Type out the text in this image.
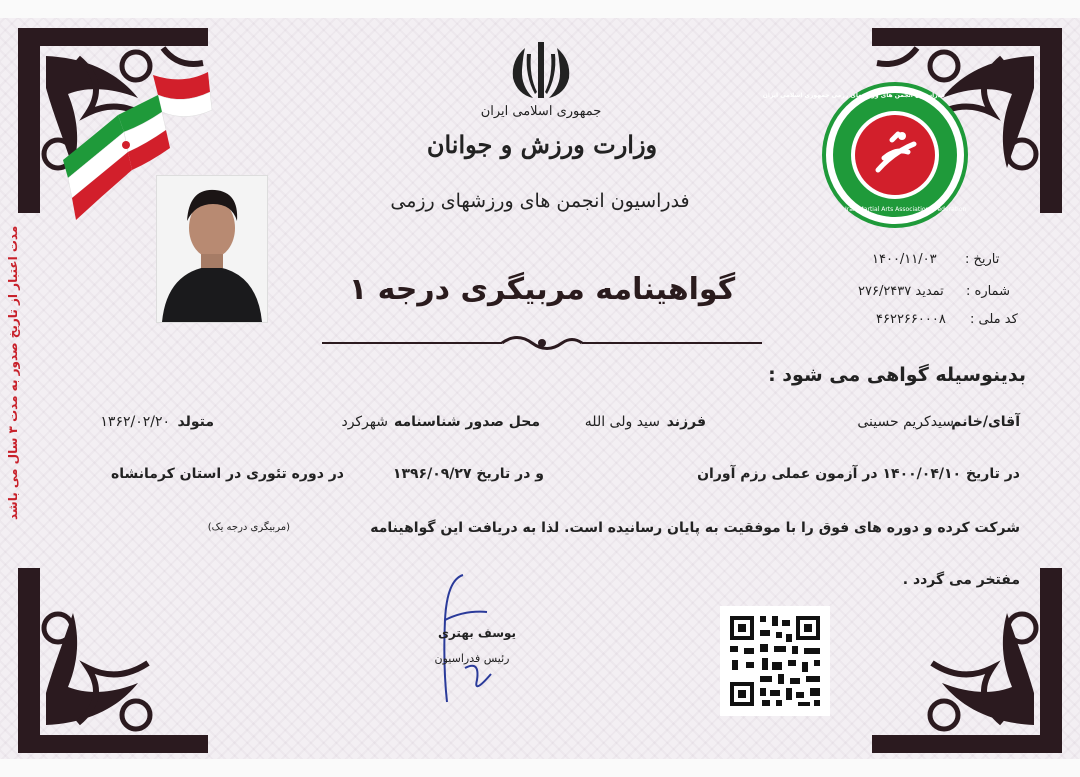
جمهوری اسلامی ایران
وزارت ورزش و جوانان
فدراسیون انجمن های ورزشهای رزمی
فدراسیون انجمن های ورزشهای رزمی جمهوری اسلامی ایران
Iran Martial Arts Associations Federation
تاریخ :
۱۴۰۰/۱۱/۰۳
شماره :
تمدید ۲۷۶/۲۴۳۷
کد ملی :
۴۶۲۲۶۶۰۰۰۸
گواهینامه مربیگری درجه ۱
بدینوسیله گواهی می شود :
آقای/خانم
سیدکریم حسینی
فرزند
سید ولی الله
محل صدور شناسنامه
شهرکرد
متولد
۱۳۶۲/۰۲/۲۰
در تاریخ ۱۴۰۰/۰۴/۱۰ در آزمون عملی رزم آوران
و در تاریخ ۱۳۹۶/۰۹/۲۷
در دوره تئوری در استان کرمانشاه
شرکت کرده و دوره های فوق را با موفقیت به پایان رسانیده است. لذا به دریافت این گواهینامه
(مربیگری درجه یک)
مفتخر می گردد .
یوسف بهتری
رئیس فدراسیون
مدت اعتبار از تاریخ صدور به مدت ۳ سال می باشد
